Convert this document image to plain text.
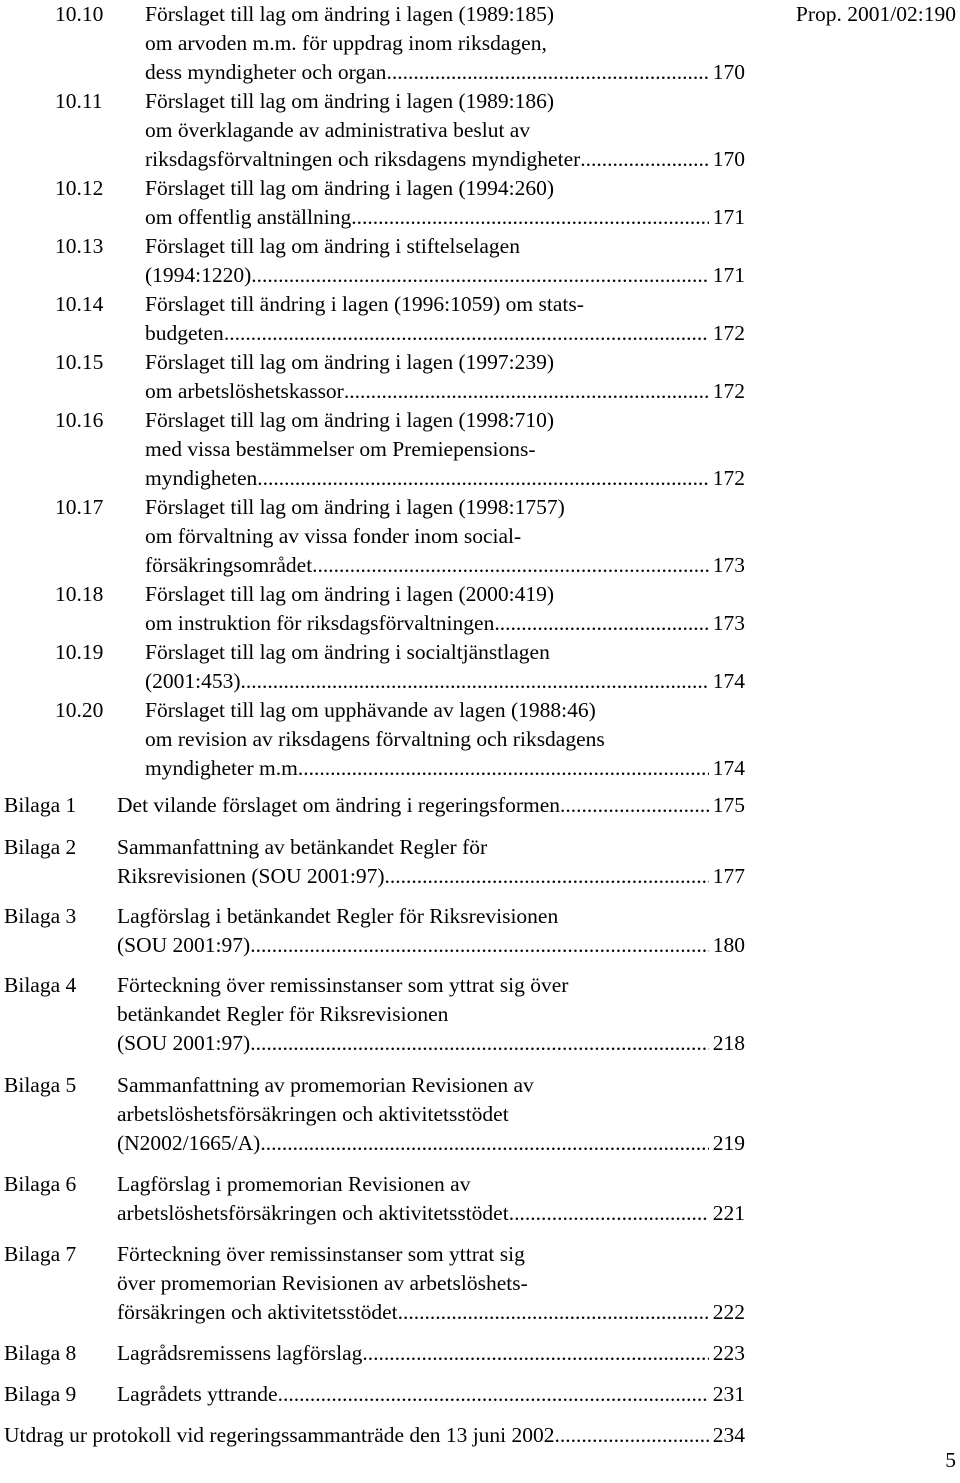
Prop. 2001/02:190
10.10	Förslaget till lag om ändring i lagen (1989:185)
om arvoden m.m. för uppdrag inom riksdagen,
dess myndigheter och organ .....	170
10.11	Förslaget till lag om ändring i lagen (1989:186)
om överklagande av administrativa beslut av
riksdagsförvaltningen och riksdagens myndigheter .....	170
10.12	Förslaget till lag om ändring i lagen (1994:260)
om offentlig anställning .....	171
10.13	Förslaget till lag om ändring i stiftelselagen
(1994:1220) .....	171
10.14	Förslaget till ändring i lagen (1996:1059) om stats-
budgeten .....	172
10.15	Förslaget till lag om ändring i lagen (1997:239)
om arbetslöshetskassor .....	172
10.16	Förslaget till lag om ändring i lagen (1998:710)
med vissa bestämmelser om Premiepensions-
myndigheten .....	172
10.17	Förslaget till lag om ändring i lagen (1998:1757)
om förvaltning av vissa fonder inom social-
försäkringsområdet .....	173
10.18	Förslaget till lag om ändring i lagen (2000:419)
om instruktion för riksdagsförvaltningen .....	173
10.19	Förslaget till lag om ändring i socialtjänstlagen
(2001:453) .....	174
10.20	Förslaget till lag om upphävande av lagen (1988:46)
om revision av riksdagens förvaltning och riksdagens
myndigheter m.m. .....	174
Bilaga 1	Det vilande förslaget om ändring i regeringsformen .....	175
Bilaga 2	Sammanfattning av betänkandet Regler för
Riksrevisionen (SOU 2001:97) .....	177
Bilaga 3	Lagförslag i betänkandet Regler för Riksrevisionen
(SOU 2001:97) .....	180
Bilaga 4	Förteckning över remissinstanser som yttrat sig över
betänkandet Regler för Riksrevisionen
(SOU 2001:97) .....	218
Bilaga 5	Sammanfattning av promemorian Revisionen av
arbetslöshetsförsäkringen och aktivitetsstödet
(N2002/1665/A) .....	219
Bilaga 6	Lagförslag i promemorian Revisionen av
arbetslöshetsförsäkringen och aktivitetsstödet .....	221
Bilaga 7	Förteckning över remissinstanser som yttrat sig
över promemorian Revisionen av arbetslöshets-
försäkringen och aktivitetsstödet .....	222
Bilaga 8	Lagrådsremissens lagförslag .....	223
Bilaga 9	Lagrådets yttrande .....	231
Utdrag ur protokoll vid regeringssammanträde den 13 juni 2002 .....	234
5
